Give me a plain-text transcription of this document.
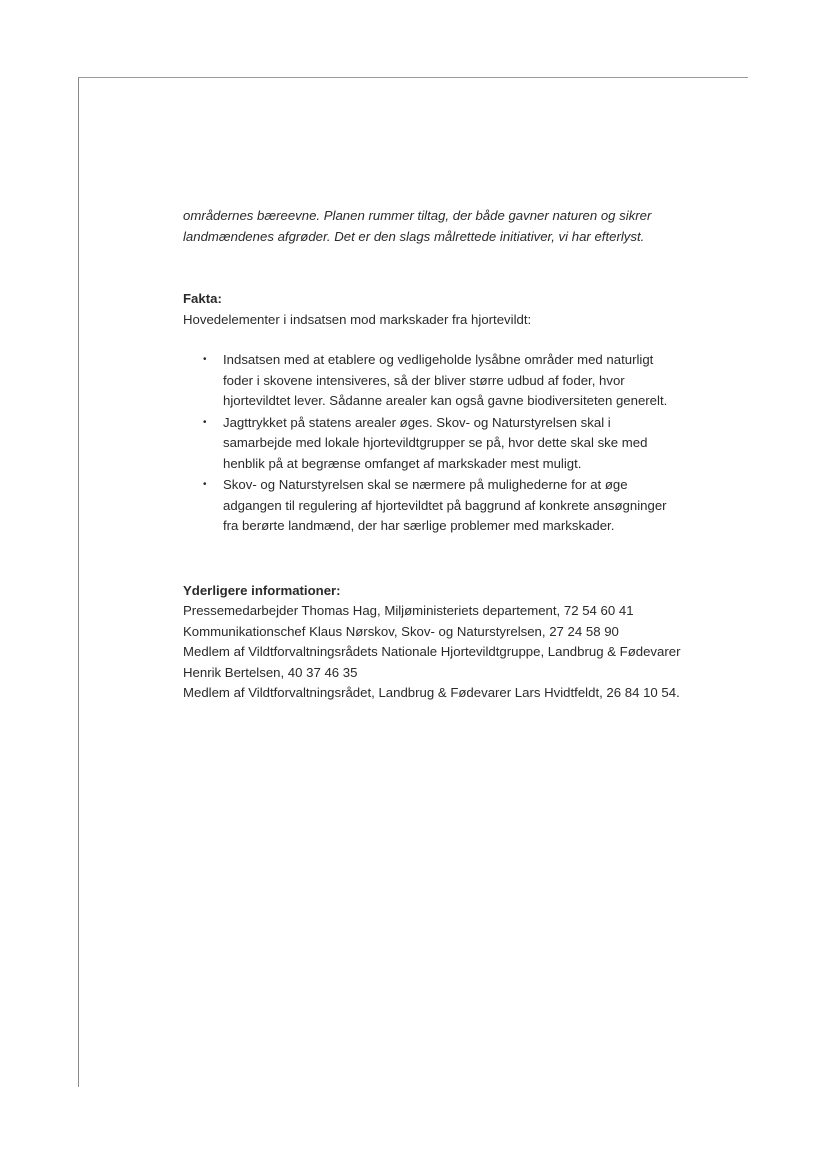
områdernes bæreevne. Planen rummer tiltag, der både gavner naturen og sikrer

landmændenes afgrøder. Det er den slags målrettede initiativer, vi har efterlyst.

Fakta:

Hovedelementer i indsatsen mod markskader fra hjortevildt:

• Indsatsen med at etablere og vedligeholde lysåbne områder med naturligt
foder i skovene intensiveres, så der bliver større udbud af foder, hvor
hjortevildtet lever. Sådanne arealer kan også gavne biodiversiteten generelt.
• Jagttrykket på statens arealer øges. Skov- og Naturstyrelsen skal i
samarbejde med lokale hjortevildtgrupper se på, hvor dette skal ske med
henblik på at begrænse omfanget af markskader mest muligt.
• Skov- og Naturstyrelsen skal se nærmere på mulighederne for at øge
adgangen til regulering af hjortevildtet på baggrund af konkrete ansøgninger
fra berørte landmænd, der har særlige problemer med markskader.

Yderligere informationer:

Pressemedarbejder Thomas Hag, Miljøministeriets departement, 72 54 60 41

Kommunikationschef Klaus Nørskov, Skov- og Naturstyrelsen, 27 24 58 90

Medlem af Vildtforvaltningsrådets Nationale Hjortevildtgruppe, Landbrug & Fødevarer

Henrik Bertelsen, 40 37 46 35

Medlem af Vildtforvaltningsrådet, Landbrug & Fødevarer Lars Hvidtfeldt, 26 84 10 54.
